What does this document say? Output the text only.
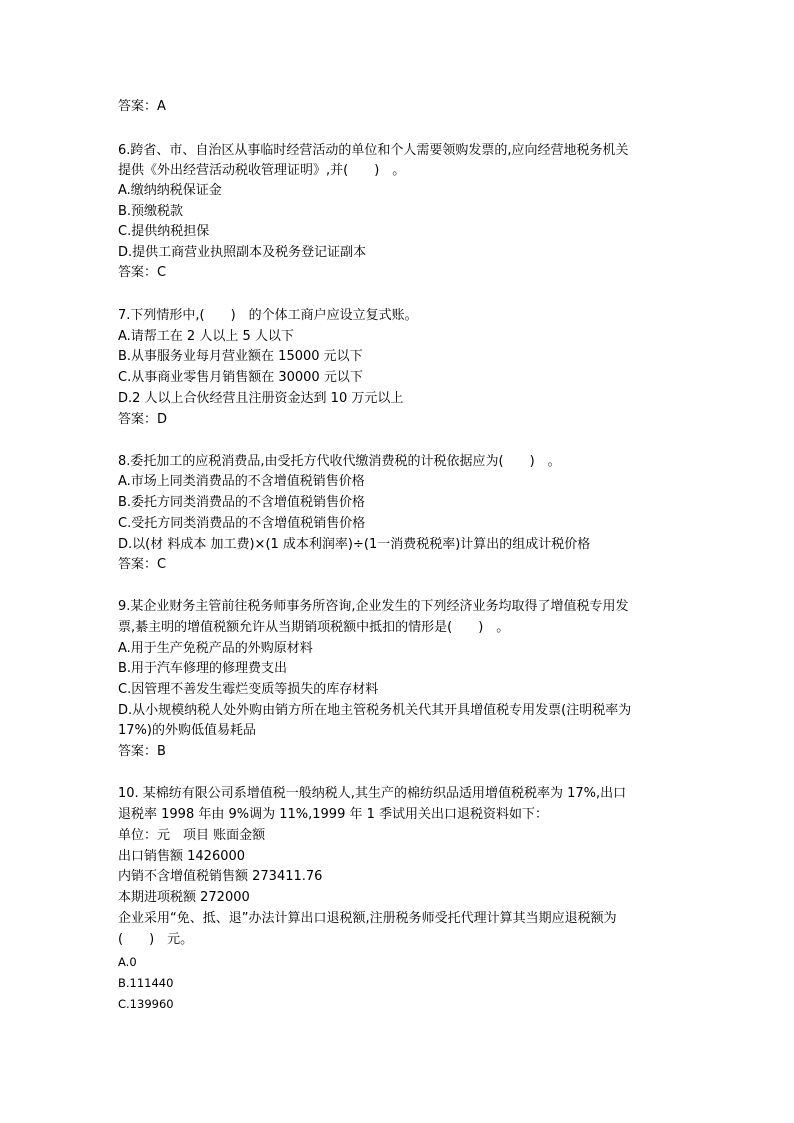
答案：A
6.跨省、市、自治区从事临时经营活动的单位和个人需要领购发票的,应向经营地税务机关
提供《外出经营活动税收管理证明》,并(　　)　。
A.缴纳纳税保证金
B.预缴税款
C.提供纳税担保
D.提供工商营业执照副本及税务登记证副本
答案：C
7.下列情形中,(　　)　的个体工商户应设立复式账。
A.请帮工在 2 人以上 5 人以下
B.从事服务业每月营业额在 15000 元以下
C.从事商业零售月销售额在 30000 元以下
D.2 人以上合伙经营且注册资金达到 10 万元以上
答案：D
8.委托加工的应税消费品,由受托方代收代缴消费税的计税依据应为(　　)　。
A.市场上同类消费品的不含增值税销售价格
B.委托方同类消费品的不含增值税销售价格
C.受托方同类消费品的不含增值税销售价格
D.以(材 料成本 加工费)×(1 成本利润率)÷(1一消费税税率)计算出的组成计税价格
答案：C
9.某企业财务主管前往税务师事务所咨询,企业发生的下列经济业务均取得了增值税专用发
票,綦主明的增值税额允许从当期销项税额中抵扣的情形是(　　)　。
A.用于生产免税产品的外购原材料
B.用于汽车修理的修理费支出
C.因管理不善发生霉烂变质等损失的库存材料
D.从小规模纳税人处外购由销方所在地主管税务机关代其开具增值税专用发票(注明税率为
17%)的外购低值易耗品
答案：B
10. 某棉纺有限公司系增值税一般纳税人,其生产的棉纺织品适用增值税税率为 17%,出口
退税率 1998 年由 9%调为 11%,1999 年 1 季试用关出口退税资料如下：
单位：元　项目 账面金额
出口销售额 1426000
内销不含增值税销售额 273411.76
本期进项税额 272000
企业采用“免、抵、退”办法计算出口退税额,注册税务师受托代理计算其当期应退税额为
(　　)　元。
A.0
B.111440
C.139960
